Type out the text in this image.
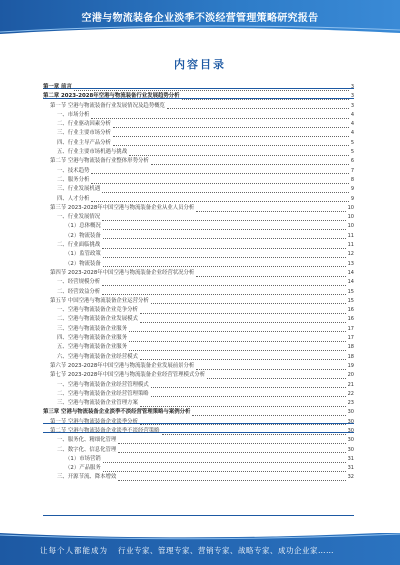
空港与物流装备企业淡季不淡经营管理策略研究报告
内容目录
第一章 前言	3
第二章 2023-2028年空港与物流装备行业发展趋势分析	3
第一节 空港与物流装备行业发展情况及趋势概览	3
一、市场分析	4
二、行业驱动因素分析	4
三、行业主要市场分析	4
四、行业主导产品分析	5
五、行业主要市场机遇与挑战	5
第二节 空港与物流装备行业整体形势分析	6
一、技术趋势	7
二、服务分析	8
三、行业发展机遇	9
四、人才分析	9
第三节 2023-2028年中国空港与物流装备企业从业人员分析	10
一、行业发展情况	10
（1）总体概况	10
（2）物流装备	11
二、行业面临挑战	11
（1）监管政策	12
（2）物流装备	13
第四节 2023-2028年中国空港与物流装备企业经营状况分析	14
一、经营规模分析	14
二、经营效益分析	15
第五节 中国空港与物流装备企业运营分析	15
一、空港与物流装备企业竞争分析	16
二、空港与物流装备企业发展模式	16
三、空港与物流装备企业服务	17
四、空港与物流装备企业服务	17
五、空港与物流装备企业服务	18
六、空港与物流装备企业经营模式	18
第六节 2023-2028年中国空港与物流装备企业发展前景分析	19
第七节 2023-2028年中国空港与物流装备企业经营管理模式分析	20
一、空港与物流装备企业经营管理模式	21
二、空港与物流装备企业经营管理策略	22
三、空港与物流装备企业管理方案	23
第三章 空港与物流装备企业淡季不淡经营管理策略与案例分析	30
第一节 空港与物流装备企业淡季分析	30
第二节 空港与物流装备企业淡季不淡经营策略	30
一、服务化、精细化管理	30
二、数字化、信息化管理	30
（1）市场营销	31
（2）产品服务	31
三、开源节流、降本增效	32
让每个人都能成为 行业专家、管理专家、营销专家、战略专家、成功企业家……
